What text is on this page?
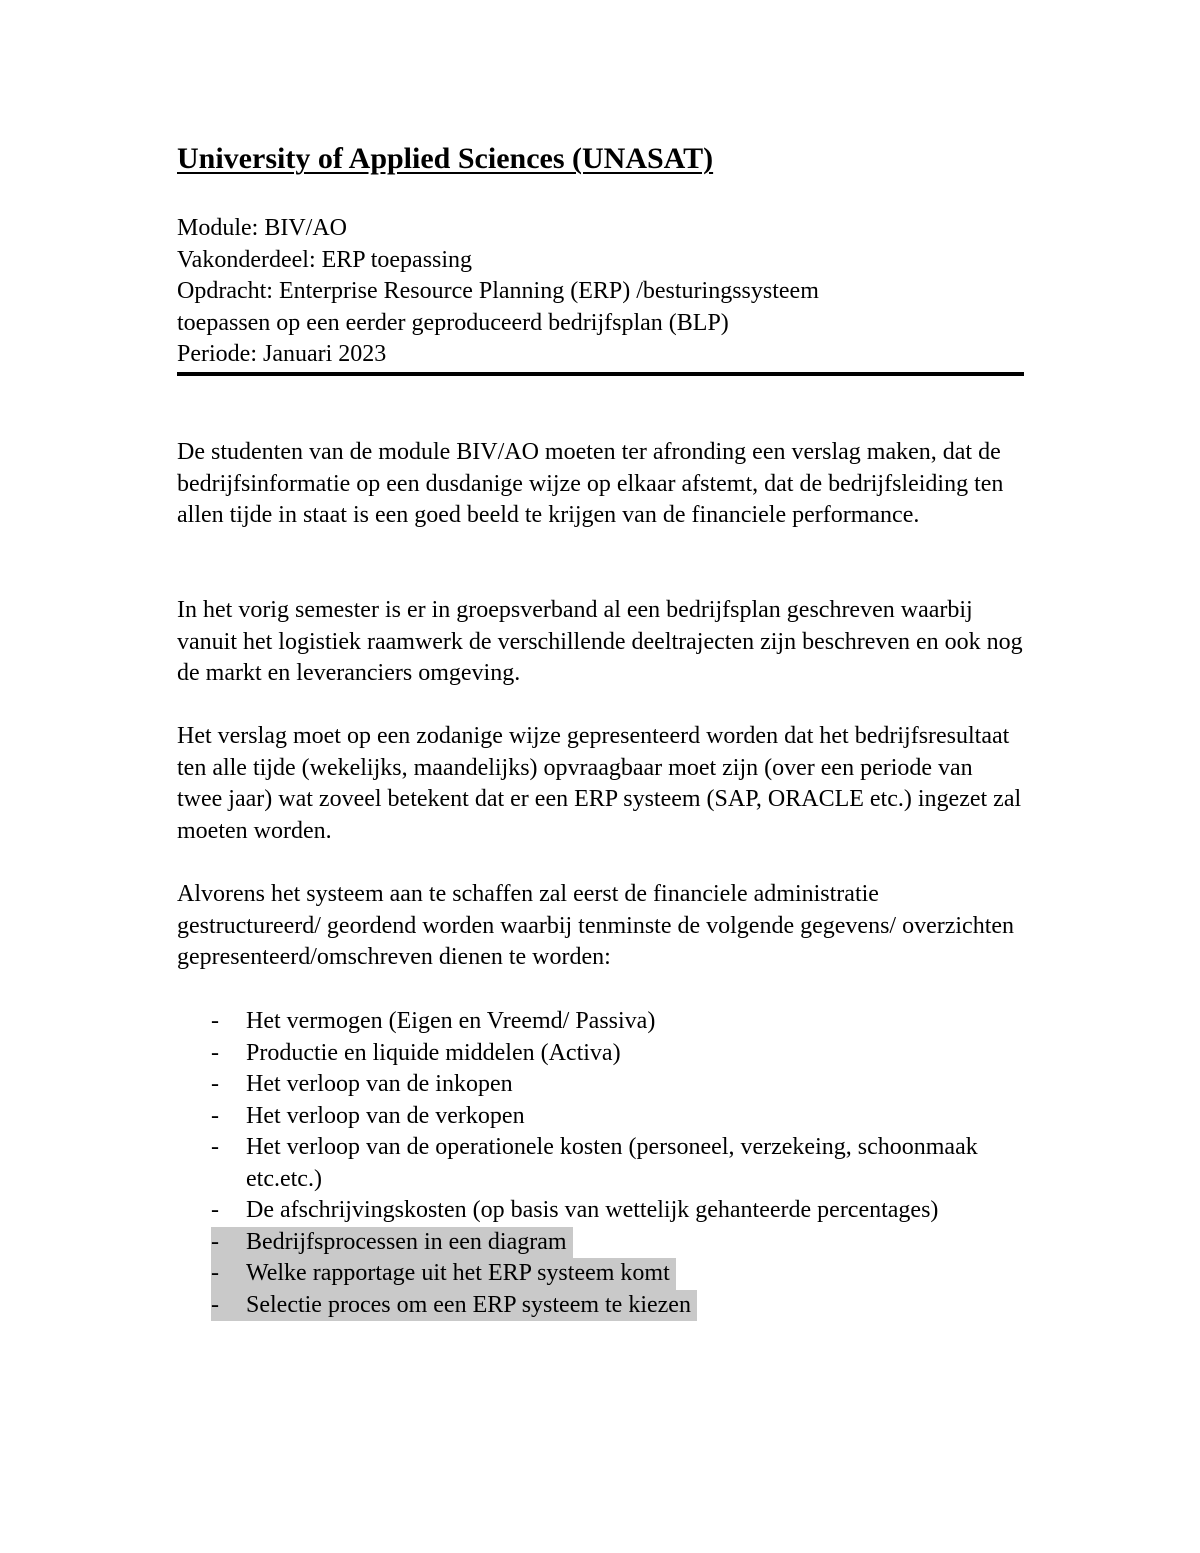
University of Applied Sciences (UNASAT)
Module: BIV/AO
Vakonderdeel: ERP toepassing
Opdracht: Enterprise Resource Planning (ERP) /besturingssysteem
toepassen op een eerder geproduceerd bedrijfsplan (BLP)
Periode: Januari 2023

De studenten van de module BIV/AO moeten ter afronding een verslag maken, dat de bedrijfsinformatie op een dusdanige wijze op elkaar afstemt, dat de bedrijfsleiding ten allen tijde in staat is een goed beeld te krijgen van de financiele performance.

In het vorig semester is er in groepsverband al een bedrijfsplan geschreven waarbij vanuit het logistiek raamwerk de verschillende deeltrajecten zijn beschreven en ook nog de markt en leveranciers omgeving.

Het verslag moet op een zodanige wijze gepresenteerd worden dat het bedrijfsresultaat ten alle tijde (wekelijks, maandelijks) opvraagbaar moet zijn (over een periode van twee jaar) wat zoveel betekent dat er een ERP systeem (SAP, ORACLE etc.) ingezet zal moeten worden.

Alvorens het systeem aan te schaffen zal eerst de financiele administratie gestructureerd/ geordend worden waarbij tenminste de volgende gegevens/ overzichten gepresenteerd/omschreven dienen te worden:

- Het vermogen (Eigen en Vreemd/ Passiva)
- Productie en liquide middelen (Activa)
- Het verloop van de inkopen
- Het verloop van de verkopen
- Het verloop van de operationele kosten (personeel, verzekeing, schoonmaak etc.etc.)
- De afschrijvingskosten (op basis van wettelijk gehanteerde percentages)
- Bedrijfsprocessen in een diagram
- Welke rapportage uit het ERP systeem komt
- Selectie proces om een ERP systeem te kiezen
